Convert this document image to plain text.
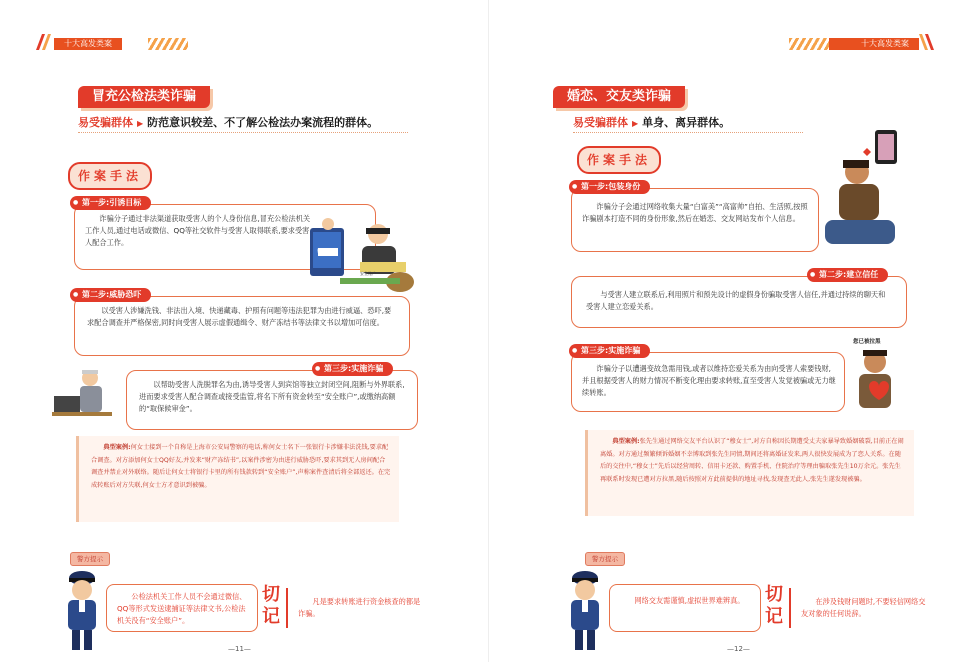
十大高发类案
冒充公检法类诈骗
易受骗群体 ▶ 防范意识较差、不了解公检法办案流程的群体。
作案手法
诈骗分子通过非法渠道获取受害人的个人身份信息,冒充公检法机关工作人员,通过电话或微信、QQ等社交软件与受害人取得联系,要求受害人配合工作。
● 第一步:引诱目标
账户已冻结
安全账户
以受害人涉嫌洗钱、非法出入境、快递藏毒、护照有问题等违法犯罪为由进行威逼、恐吓,要求配合调查并严格保密,同时向受害人展示虚假通缉令、财产冻结书等法律文书以增加可信度。
● 第二步:威胁恐吓
以帮助受害人洗脱罪名为由,诱导受害人到宾馆等独立封闭空间,阻断与外界联系,进而要求受害人配合调查或接受监管,将名下所有资金转至“安全账户”,或缴纳高额的“取保候审金”。
● 第三步:实施诈骗
典型案例:何女士接到一个自称是上海市公安局警察的电话,称何女士名下一张银行卡涉嫌非法洗钱,要求配合调查。对方添加何女士QQ好友,并发来“财产冻结书”,以案件涉密为由进行威胁恐吓,要求其到无人房间配合调查并禁止对外联络。随后让何女士将银行卡里的所有钱款转到“安全账户”,声称案件查清后将全部返还。在完成转账后对方失联,何女士方才意识到被骗。
警方提示
公检法机关工作人员不会通过微信、QQ等形式发送逮捕证等法律文书,公检法机关没有“安全账户”。
切
记
凡是要求转账进行资金核查的都是诈骗。
—11—
十大高发类案
婚恋、交友类诈骗
易受骗群体 ▶ 单身、离异群体。
作案手法
诈骗分子会通过网络收集大量“白富美”“高富帅”自拍、生活照,按照诈骗剧本打造不同的身份形象,然后在婚恋、交友网站发布个人信息。
● 第一步:包装身份
与受害人建立联系后,利用照片和预先设计的虚假身份骗取受害人信任,并通过持续的聊天和受害人建立恋爱关系。
● 第二步:建立信任
诈骗分子以遭遇变故急需用钱,或者以维持恋爱关系为由向受害人索要钱财,并且根据受害人的财力情况不断变化理由要求转账,直至受害人发觉被骗或无力继续转账。
● 第三步:实施诈骗
您已被拉黑
典型案例:张先生通过网络交友平台认识了“穆女士”,对方自称因长期遭受丈夫家暴导致婚姻破裂,目前正在闹离婚。对方通过频繁倾诉婚姻不幸博取到张先生同情,期间还将离婚证发来,两人很快发展成为了恋人关系。在随后的交往中,“穆女士”先后以经营周转、信用卡还款、购置手机、住院治疗等理由骗取张先生10万余元。张先生再联系时发现已遭对方拉黑,随后按照对方此前提供的地址寻找,发现查无此人,张先生遂发现被骗。
警方提示
网络交友需谨慎,虚拟世界难辨真。	切
记
在涉及钱财问题时,不要轻信网络交友对象的任何说辞。
—12—
